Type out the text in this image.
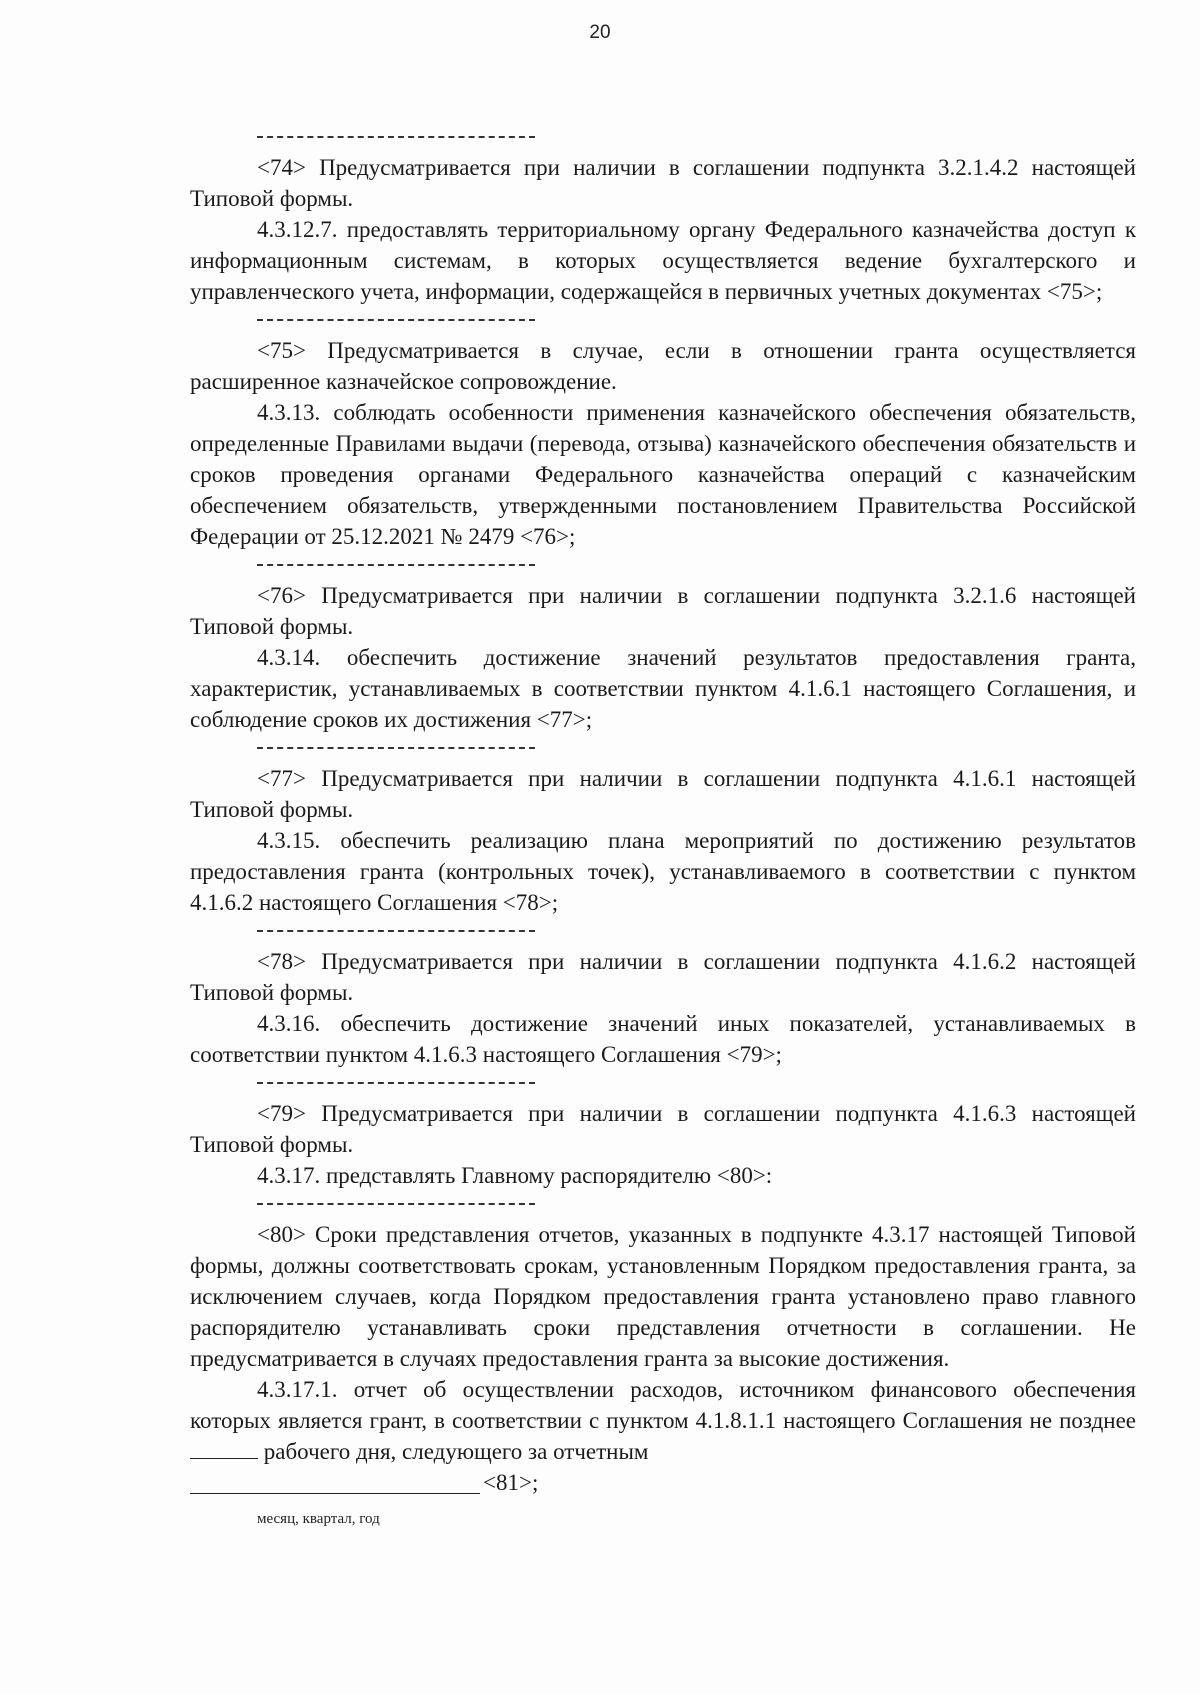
20

<74> Предусматривается при наличии в соглашении подпункта 3.2.1.4.2 настоящей Типовой формы.

4.3.12.7. предоставлять территориальному органу Федерального казначейства доступ к информационным системам, в которых осуществляется ведение бухгалтерского и управленческого учета, информации, содержащейся в первичных учетных документах <75>;

<75> Предусматривается в случае, если в отношении гранта осуществляется расширенное казначейское сопровождение.

4.3.13. соблюдать особенности применения казначейского обеспечения обязательств, определенные Правилами выдачи (перевода, отзыва) казначейского обеспечения обязательств и сроков проведения органами Федерального казначейства операций с казначейским обеспечением обязательств, утвержденными постановлением Правительства Российской Федерации от 25.12.2021 № 2479 <76>;

<76> Предусматривается при наличии в соглашении подпункта 3.2.1.6 настоящей Типовой формы.

4.3.14. обеспечить достижение значений результатов предоставления гранта, характеристик, устанавливаемых в соответствии пунктом 4.1.6.1 настоящего Соглашения, и соблюдение сроков их достижения <77>;

<77> Предусматривается при наличии в соглашении подпункта 4.1.6.1 настоящей Типовой формы.

4.3.15. обеспечить реализацию плана мероприятий по достижению результатов предоставления гранта (контрольных точек), устанавливаемого в соответствии с пунктом 4.1.6.2 настоящего Соглашения <78>;

<78> Предусматривается при наличии в соглашении подпункта 4.1.6.2 настоящей Типовой формы.

4.3.16. обеспечить достижение значений иных показателей, устанавливаемых в соответствии пунктом 4.1.6.3 настоящего Соглашения <79>;

<79> Предусматривается при наличии в соглашении подпункта 4.1.6.3 настоящей Типовой формы.

4.3.17. представлять Главному распорядителю <80>:

<80> Сроки представления отчетов, указанных в подпункте 4.3.17 настоящей Типовой формы, должны соответствовать срокам, установленным Порядком предоставления гранта, за исключением случаев, когда Порядком предоставления гранта установлено право главного распорядителю устанавливать сроки представления отчетности в соглашении. Не предусматривается в случаях предоставления гранта за высокие достижения.

4.3.17.1. отчет об осуществлении расходов, источником финансового обеспечения которых является грант, в соответствии с пунктом 4.1.8.1.1 настоящего Соглашения не позднее  рабочего дня, следующего за отчетным

<81>;
месяц, квартал, год
